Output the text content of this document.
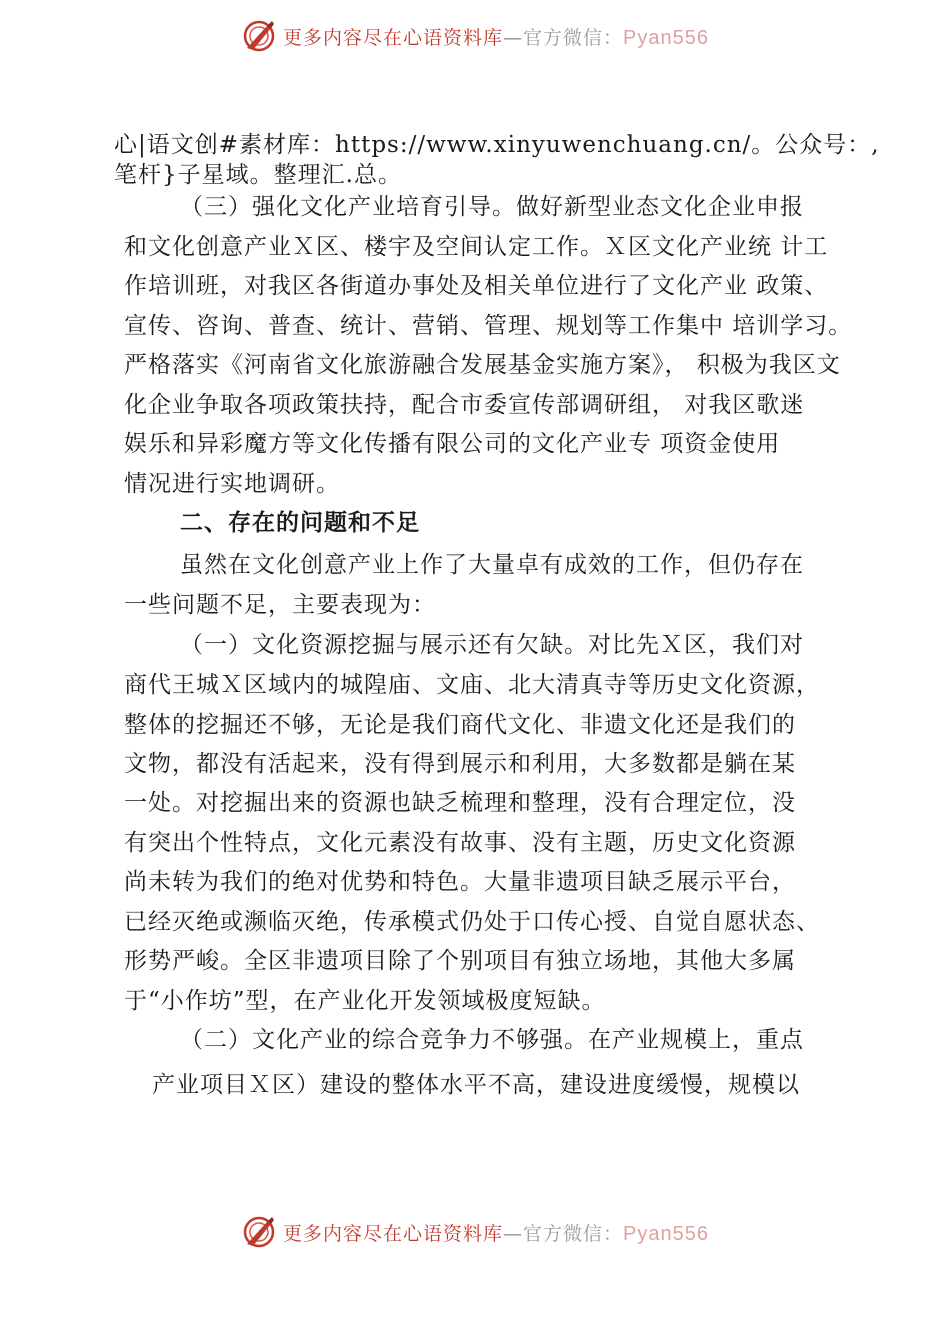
更多内容尽在心语资料库—官方微信：Pyan556
心|语文创#素材库：https://www.xinyuwenchuang.cn/。公众号：,
笔杆}子星域。整理汇.总。
（三）强化文化产业培育引导。做好新型业态文化企业申报
和文化创意产业Ｘ区、楼宇及空间认定工作。Ｘ区文化产业统 计工
作培训班，对我区各街道办事处及相关单位进行了文化产业 政策、
宣传、咨询、普查、统计、营销、管理、规划等工作集中 培训学习。
严格落实《河南省文化旅游融合发展基金实施方案》， 积极为我区文
化企业争取各项政策扶持，配合市委宣传部调研组， 对我区歌迷
娱乐和异彩魔方等文化传播有限公司的文化产业专 项资金使用
情况进行实地调研。
二、存在的问题和不足
虽然在文化创意产业上作了大量卓有成效的工作，但仍存在
一些问题不足，主要表现为：
（一）文化资源挖掘与展示还有欠缺。对比先Ｘ区，我们对
商代王城Ｘ区域内的城隍庙、文庙、北大清真寺等历史文化资源，
整体的挖掘还不够，无论是我们商代文化、非遗文化还是我们的
文物，都没有活起来，没有得到展示和利用，大多数都是躺在某
一处。对挖掘出来的资源也缺乏梳理和整理，没有合理定位，没
有突出个性特点，文化元素没有故事、没有主题，历史文化资源
尚未转为我们的绝对优势和特色。大量非遗项目缺乏展示平台，
已经灭绝或濒临灭绝，传承模式仍处于口传心授、自觉自愿状态、
形势严峻。全区非遗项目除了个别项目有独立场地，其他大多属
于“小作坊”型，在产业化开发领域极度短缺。
（二）文化产业的综合竞争力不够强。在产业规模上，重点
产业项目Ｘ区）建设的整体水平不高，建设进度缓慢，规模以
更多内容尽在心语资料库—官方微信：Pyan556
